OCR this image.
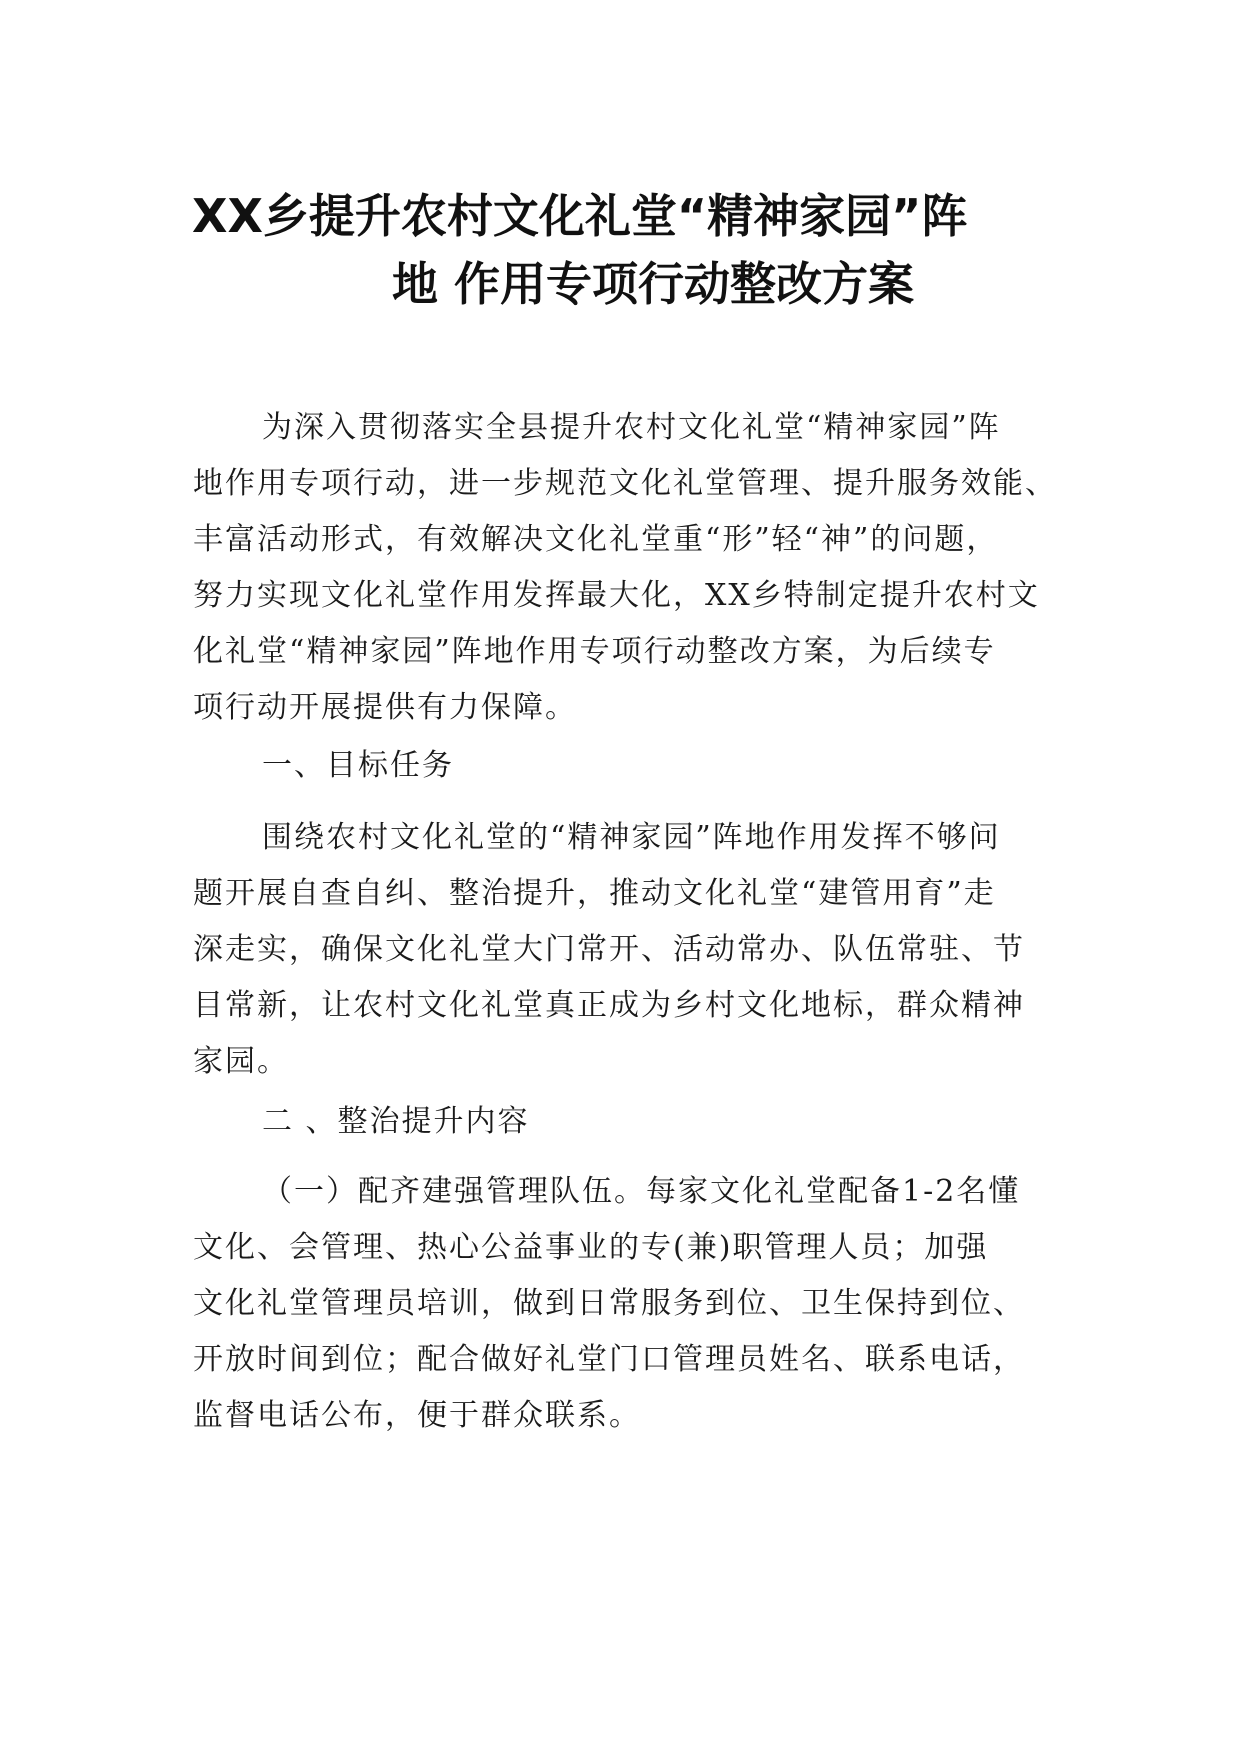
XX乡提升农村文化礼堂“精神家园”阵
地 作用专项行动整改方案
为深入贯彻落实全县提升农村文化礼堂“精神家园”阵
地作用专项行动，进一步规范文化礼堂管理、提升服务效能、
丰富活动形式，有效解决文化礼堂重“形”轻“神”的问题，
努力实现文化礼堂作用发挥最大化，XX乡特制定提升农村文
化礼堂“精神家园”阵地作用专项行动整改方案，为后续专
项行动开展提供有力保障。
一、目标任务
围绕农村文化礼堂的“精神家园”阵地作用发挥不够问
题开展自查自纠、整治提升，推动文化礼堂“建管用育”走
深走实，确保文化礼堂大门常开、活动常办、队伍常驻、节
目常新，让农村文化礼堂真正成为乡村文化地标，群众精神
家园。
二 、整治提升内容
（一）配齐建强管理队伍。每家文化礼堂配备1-2名懂
文化、会管理、热心公益事业的专(兼)职管理人员；加强
文化礼堂管理员培训，做到日常服务到位、卫生保持到位、
开放时间到位；配合做好礼堂门口管理员姓名、联系电话，
监督电话公布，便于群众联系。
